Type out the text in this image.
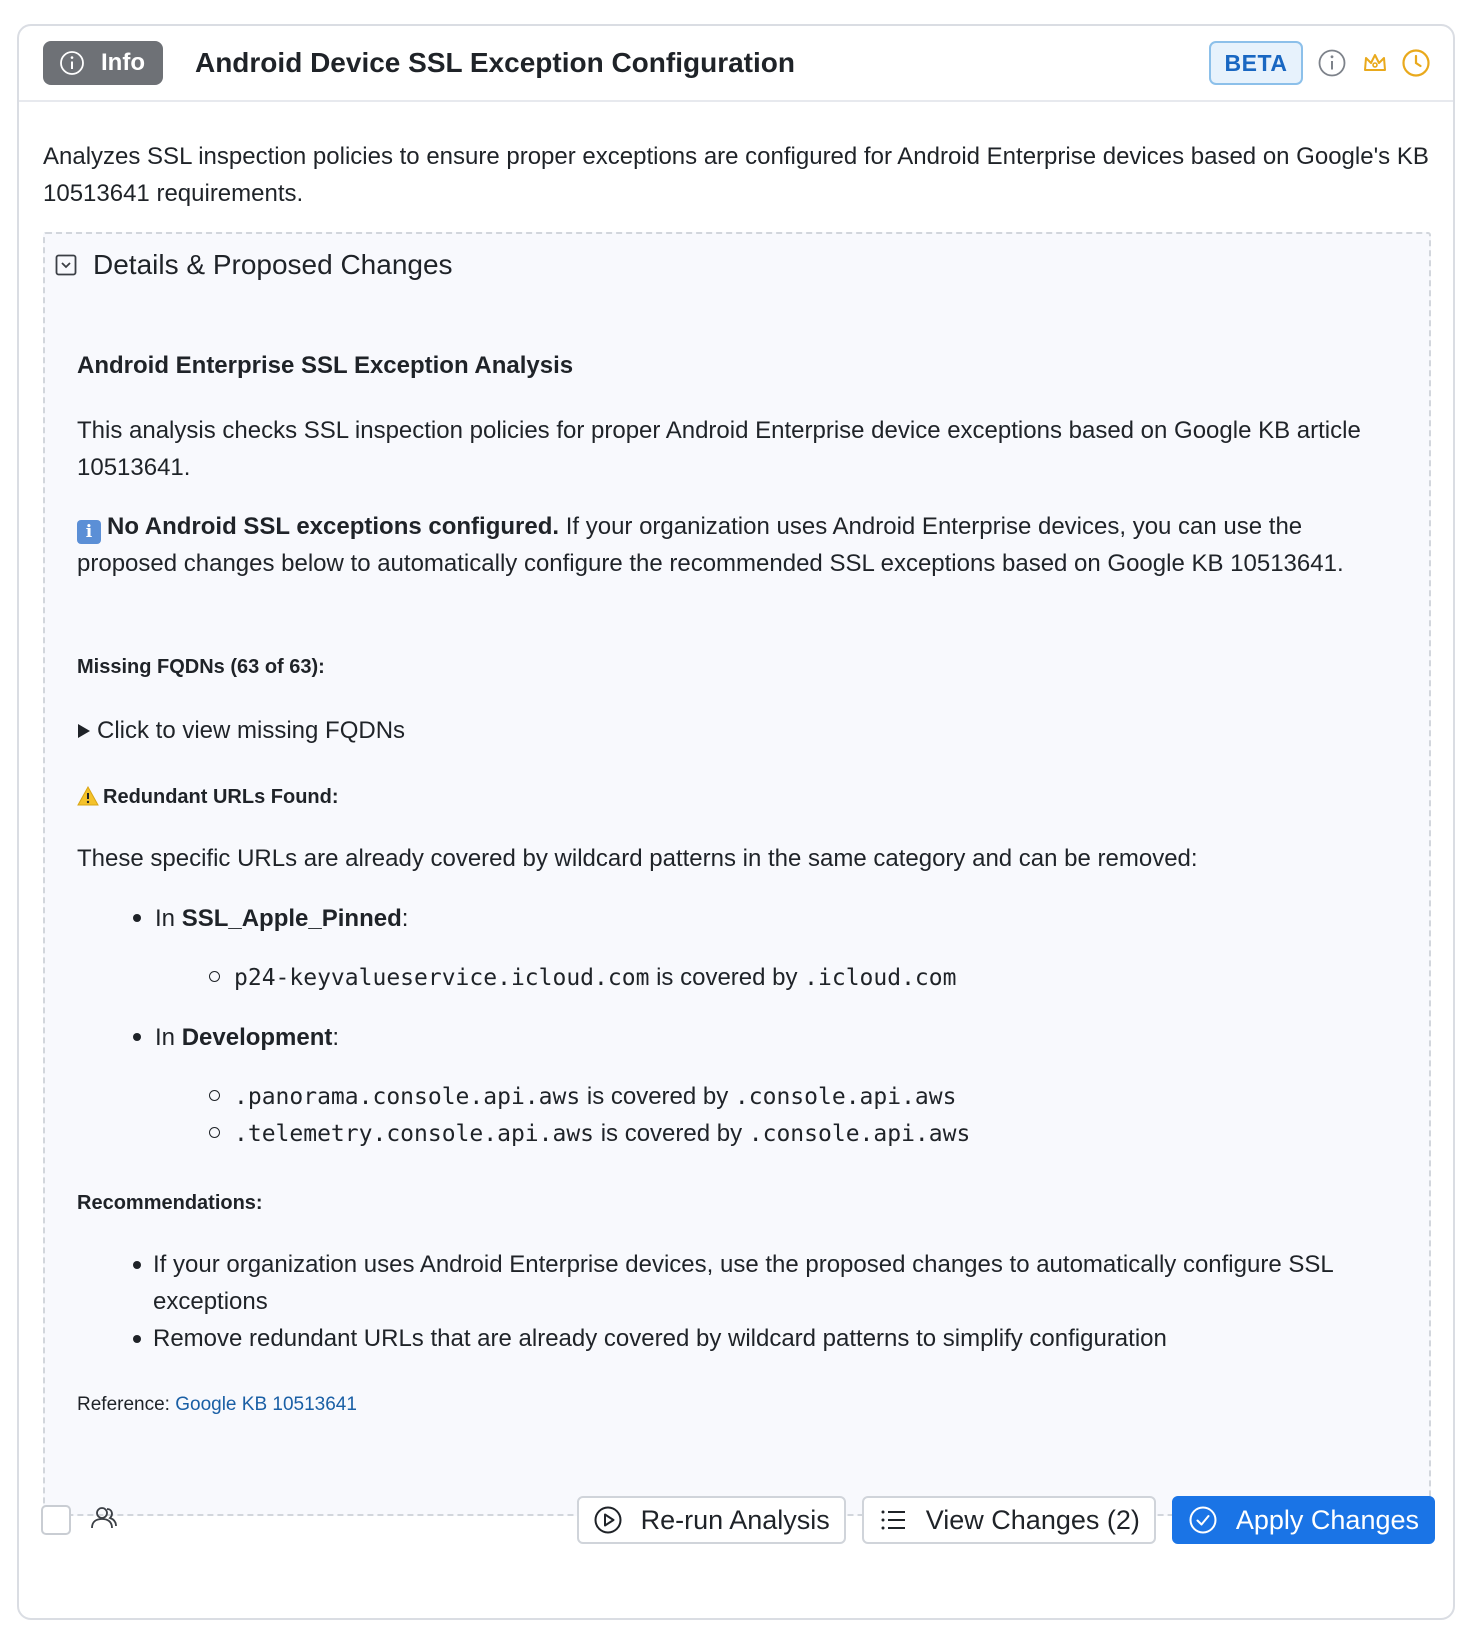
Info Android Device SSL Exception Configuration	BETA
Analyzes SSL inspection policies to ensure proper exceptions are configured for Android Enterprise devices based on Google's KB 10513641 requirements.
Details & Proposed Changes
Android Enterprise SSL Exception Analysis
This analysis checks SSL inspection policies for proper Android Enterprise device exceptions based on Google KB article 10513641.
i No Android SSL exceptions configured. If your organization uses Android Enterprise devices, you can use the proposed changes below to automatically configure the recommended SSL exceptions based on Google KB 10513641.
Missing FQDNs (63 of 63):
Click to view missing FQDNs
Redundant URLs Found:
These specific URLs are already covered by wildcard patterns in the same category and can be removed:
In SSL_Apple_Pinned:
p24-keyvalueservice.icloud.com is covered by .icloud.com
In Development:
.panorama.console.api.aws is covered by .console.api.aws
.telemetry.console.api.aws is covered by .console.api.aws
Recommendations:
If your organization uses Android Enterprise devices, use the proposed changes to automatically configure SSL exceptions
Remove redundant URLs that are already covered by wildcard patterns to simplify configuration
Reference: Google KB 10513641
Re-run Analysis	View Changes (2)	Apply Changes
